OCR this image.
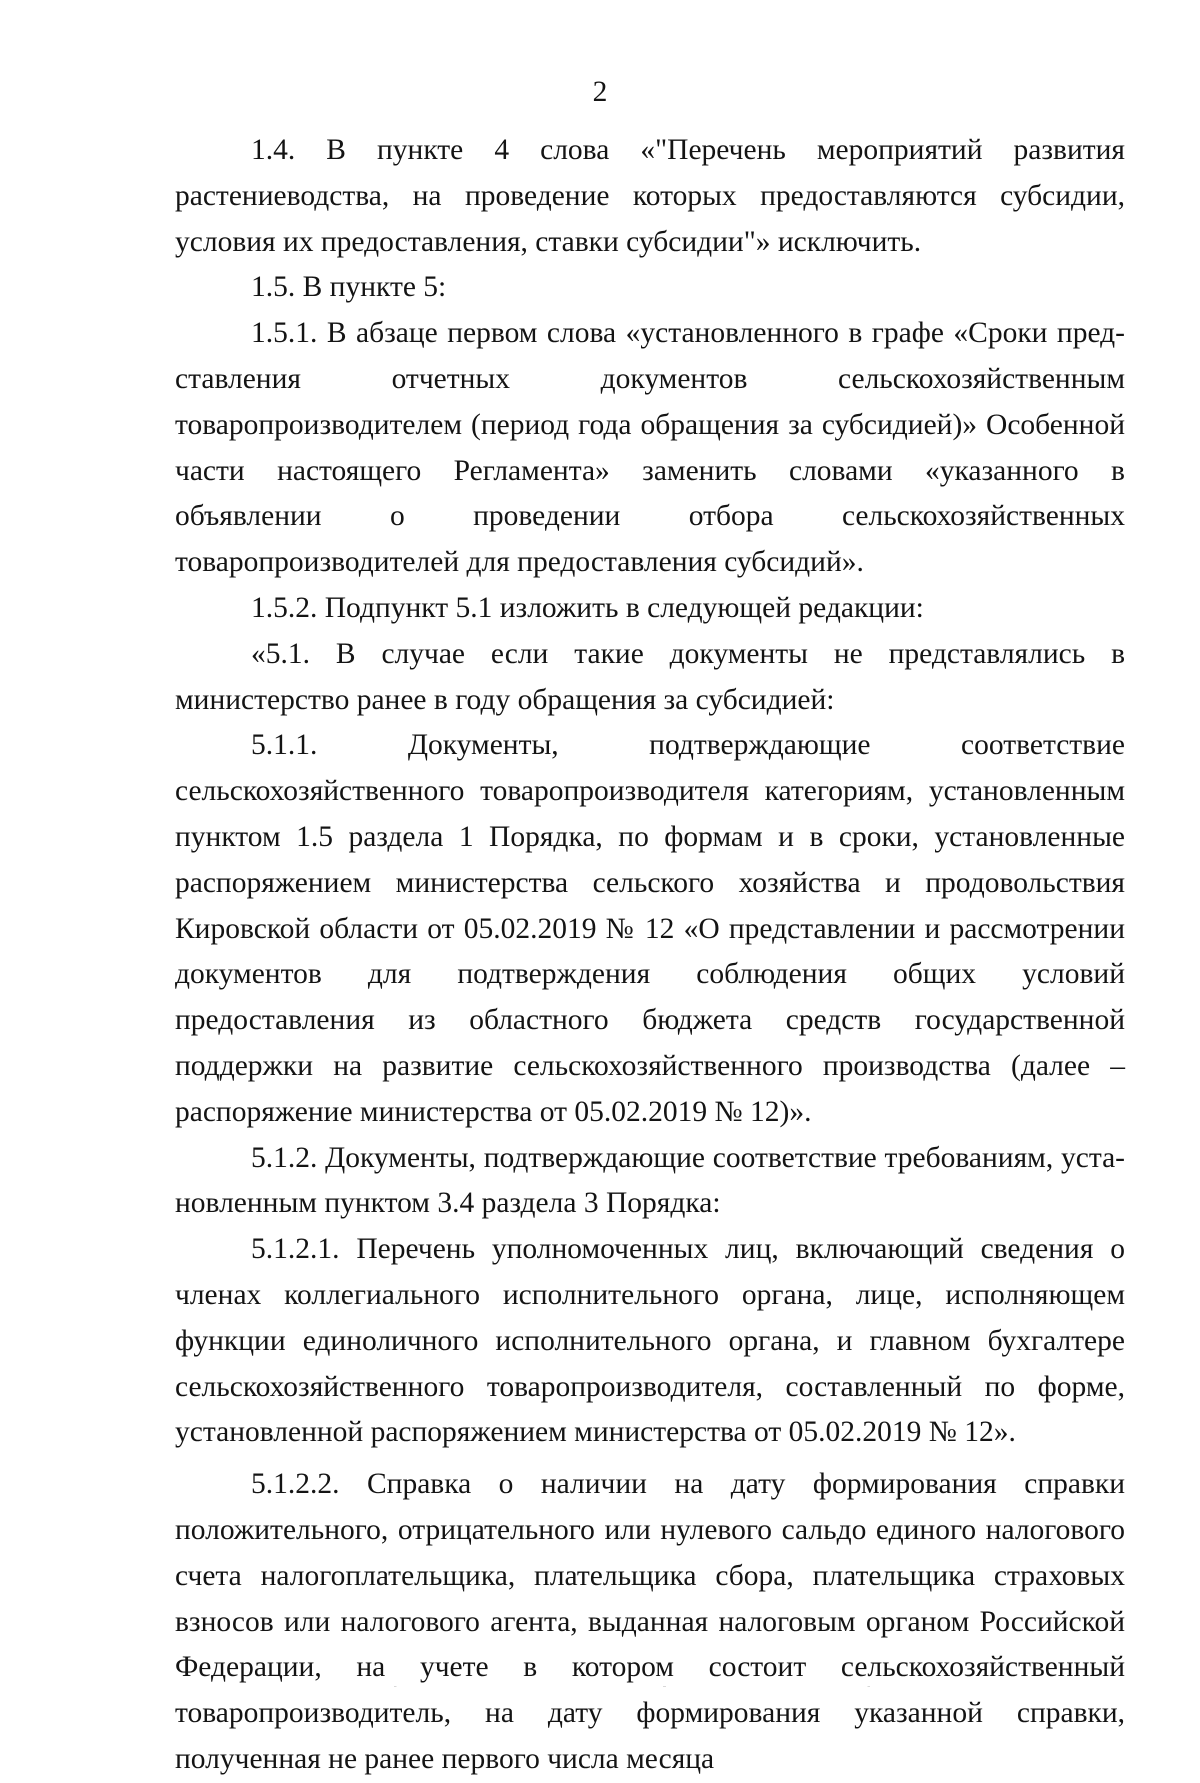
2

1.4. В пункте 4 слова «"Перечень мероприятий развития растениеводства, на проведение которых предоставляются субсидии, условия их предоставления, ставки субсидии"» исключить.

1.5. В пункте 5:

1.5.1. В абзаце первом слова «установленного в графе «Сроки представления отчетных документов сельскохозяйственным товаропроизводителем (период года обращения за субсидией)» Особенной части настоящего Регламента» заменить словами «указанного в объявлении о проведении отбора сельскохозяйственных товаропроизводителей для предоставления субсидий».

1.5.2. Подпункт 5.1 изложить в следующей редакции:

«5.1. В случае если такие документы не представлялись в министерство ранее в году обращения за субсидией:

5.1.1. Документы, подтверждающие соответствие сельскохозяйственного товаропроизводителя категориям, установленным пунктом 1.5 раздела 1 Порядка, по формам и в сроки, установленные распоряжением министерства сельского хозяйства и продовольствия Кировской области от 05.02.2019 № 12 «О представлении и рассмотрении документов для подтверждения соблюдения общих условий предоставления из областного бюджета средств государственной поддержки на развитие сельскохозяйственного производства (далее – распоряжение министерства от 05.02.2019 № 12)».

5.1.2. Документы, подтверждающие соответствие требованиям, установленным пунктом 3.4 раздела 3 Порядка:

5.1.2.1. Перечень уполномоченных лиц, включающий сведения о членах коллегиального исполнительного органа, лице, исполняющем функции единоличного исполнительного органа, и главном бухгалтере сельскохозяйственного товаропроизводителя, составленный по форме, установленной распоряжением министерства от 05.02.2019 № 12».

5.1.2.2. Справка о наличии на дату формирования справки положительного, отрицательного или нулевого сальдо единого налогового счета налогоплательщика, плательщика сбора, плательщика страховых взносов или налогового агента, выданная налоговым органом Российской Федерации, на учете в котором состоит сельскохозяйственный товаропроизводитель, на дату формирования указанной справки, полученная не ранее первого числа месяца
